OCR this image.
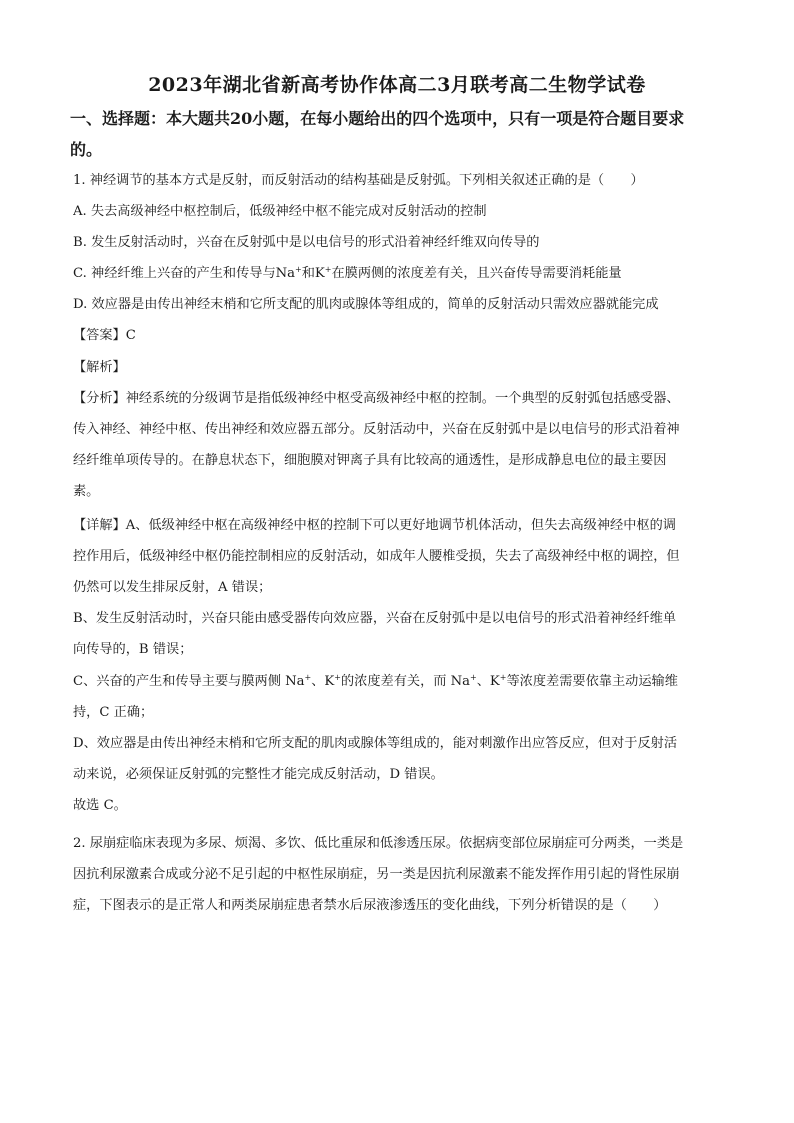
2023年湖北省新高考协作体高二3月联考高二生物学试卷
一、选择题：本大题共20小题，在每小题给出的四个选项中，只有一项是符合题目要求
的。
1. 神经调节的基本方式是反射，而反射活动的结构基础是反射弧。下列相关叙述正确的是（　　）
A. 失去高级神经中枢控制后，低级神经中枢不能完成对反射活动的控制
B. 发生反射活动时，兴奋在反射弧中是以电信号的形式沿着神经纤维双向传导的
C. 神经纤维上兴奋的产生和传导与Na+和K+在膜两侧的浓度差有关，且兴奋传导需要消耗能量
D. 效应器是由传出神经末梢和它所支配的肌肉或腺体等组成的，简单的反射活动只需效应器就能完成
【答案】C
【解析】
【分析】神经系统的分级调节是指低级神经中枢受高级神经中枢的控制。一个典型的反射弧包括感受器、
传入神经、神经中枢、传出神经和效应器五部分。反射活动中，兴奋在反射弧中是以电信号的形式沿着神
经纤维单项传导的。在静息状态下，细胞膜对钾离子具有比较高的通透性，是形成静息电位的最主要因
素。
【详解】A、低级神经中枢在高级神经中枢的控制下可以更好地调节机体活动，但失去高级神经中枢的调
控作用后，低级神经中枢仍能控制相应的反射活动，如成年人腰椎受损，失去了高级神经中枢的调控，但
仍然可以发生排尿反射，A 错误；
B、发生反射活动时，兴奋只能由感受器传向效应器，兴奋在反射弧中是以电信号的形式沿着神经纤维单
向传导的，B 错误；
C、兴奋的产生和传导主要与膜两侧 Na+、K+的浓度差有关，而 Na+、K+等浓度差需要依靠主动运输维
持，C 正确；
D、效应器是由传出神经末梢和它所支配的肌肉或腺体等组成的，能对刺激作出应答反应，但对于反射活
动来说，必须保证反射弧的完整性才能完成反射活动，D 错误。
故选 C。
2. 尿崩症临床表现为多尿、烦渴、多饮、低比重尿和低渗透压尿。依据病变部位尿崩症可分两类，一类是
因抗利尿激素合成或分泌不足引起的中枢性尿崩症，另一类是因抗利尿激素不能发挥作用引起的肾性尿崩
症，下图表示的是正常人和两类尿崩症患者禁水后尿液渗透压的变化曲线，下列分析错误的是（　　）
